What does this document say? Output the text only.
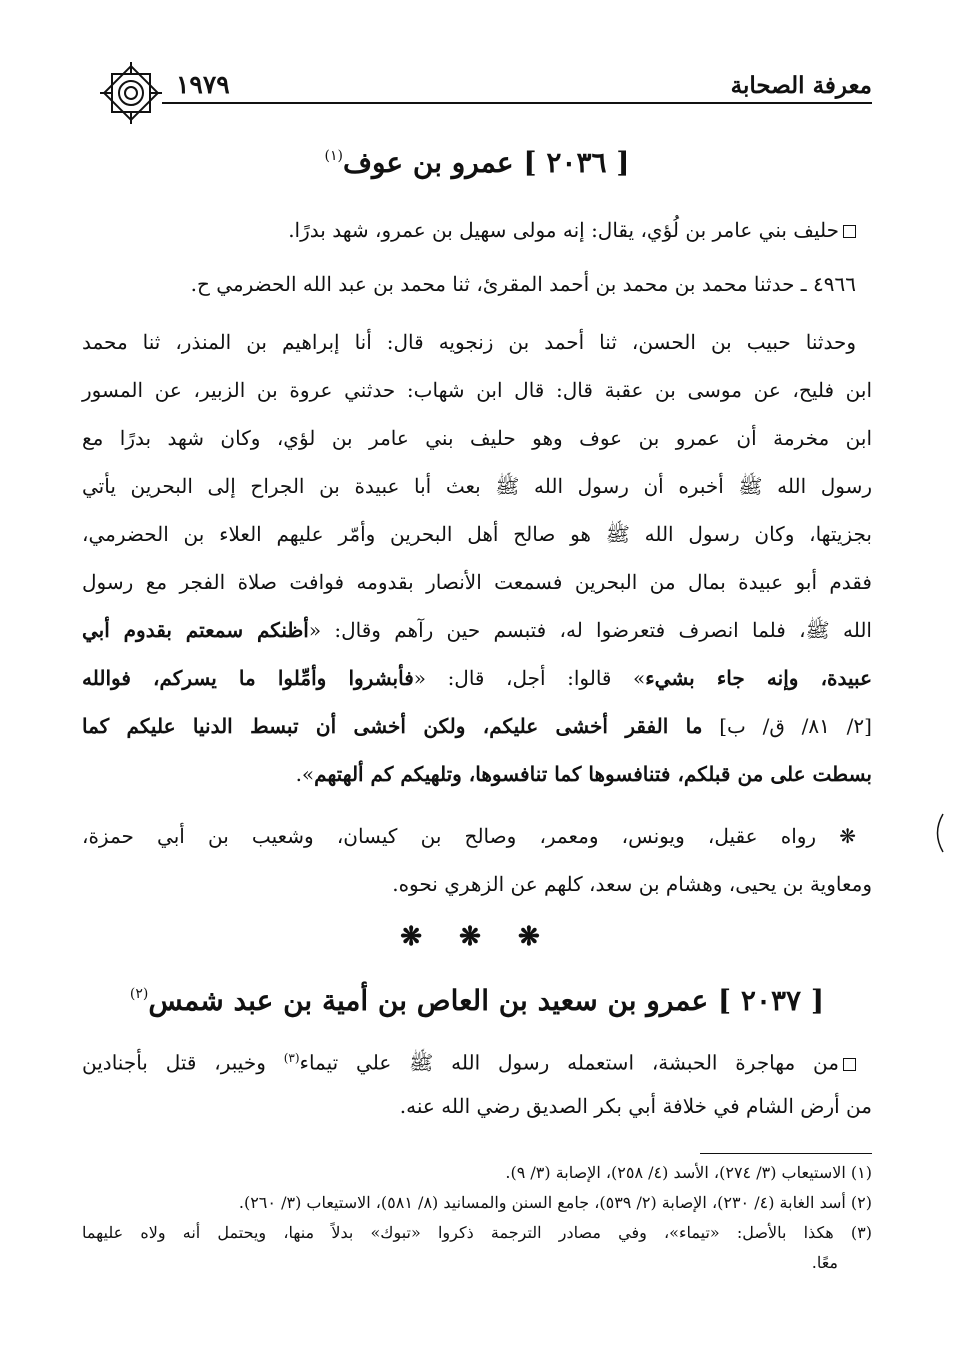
معرفة الصحابة
١٩٧٩
[ ٢٠٣٦ ] عمرو بن عوف$^{(١)}$
حليف بني عامر بن لُؤي، يقال: إنه مولى سهيل بن عمرو، شهد بدرًا.
٤٩٦٦ ـ حدثنا محمد بن محمد بن أحمد المقرئ، ثنا محمد بن عبد الله الحضرمي ح.
وحدثنا حبيب بن الحسن، ثنا أحمد بن زنجويه قال: أنا إبراهيم بن المنذر، ثنا محمد
ابن فليح، عن موسى بن عقبة قال: قال ابن شهاب: حدثني عروة بن الزبير، عن المسور
ابن مخرمة أن عمرو بن عوف وهو حليف بني عامر بن لؤي، وكان شهد بدرًا مع
رسول الله ﷺ أخبره أن رسول الله ﷺ بعث أبا عبيدة بن الجراح إلى البحرين يأتي
بجزيتها، وكان رسول الله ﷺ هو صالح أهل البحرين وأمّر عليهم العلاء بن الحضرمي،
فقدم أبو عبيدة بمال من البحرين فسمعت الأنصار بقدومه فوافت صلاة الفجر مع رسول
الله ﷺ، فلما انصرف فتعرضوا له، فتبسم حين رآهم وقال: «أظنكم سمعتم بقدوم أبي
عبيدة، وإنه جاء بشيء» قالوا: أجل، قال: «فأبشروا وأمِّلوا ما يسركم، فوالله
[٢/ ٨١/ ق/ ب] ما الفقر أخشى عليكم، ولكن أخشى أن تبسط الدنيا عليكم كما
بسطت على من قبلكم، فتنافسوها كما تنافسوها، وتلهيكم كم ألهتهم».
❋ رواه عقيل، ويونس، ومعمر، وصالح بن كيسان، وشعيب بن أبي حمزة،
ومعاوية بن يحيى، وهشام بن سعد، كلهم عن الزهري نحوه.
❋ ❋ ❋
[ ٢٠٣٧ ] عمرو بن سعيد بن العاص بن أمية بن عبد شمس$^{(٢)}$
من مهاجرة الحبشة، استعمله رسول الله ﷺ علي تيماء$^{(٣)}$ وخيبر، قتل بأجنادين
من أرض الشام في خلافة أبي بكر الصديق رضي الله عنه.
(١) الاستيعاب (٣/ ٢٧٤)، الأسد (٤/ ٢٥٨)، الإصابة (٣/ ٩).
(٢) أسد الغابة (٤/ ٢٣٠)، الإصابة (٢/ ٥٣٩)، جامع السنن والمسانيد (٨/ ٥٨١)، الاستيعاب (٣/ ٢٦٠).
(٣) هكذا بالأصل: «تيماء»، وفي مصادر الترجمة ذكروا «تبوك» بدلاً منها، ويحتمل أنه ولاه عليهما
معًا.
